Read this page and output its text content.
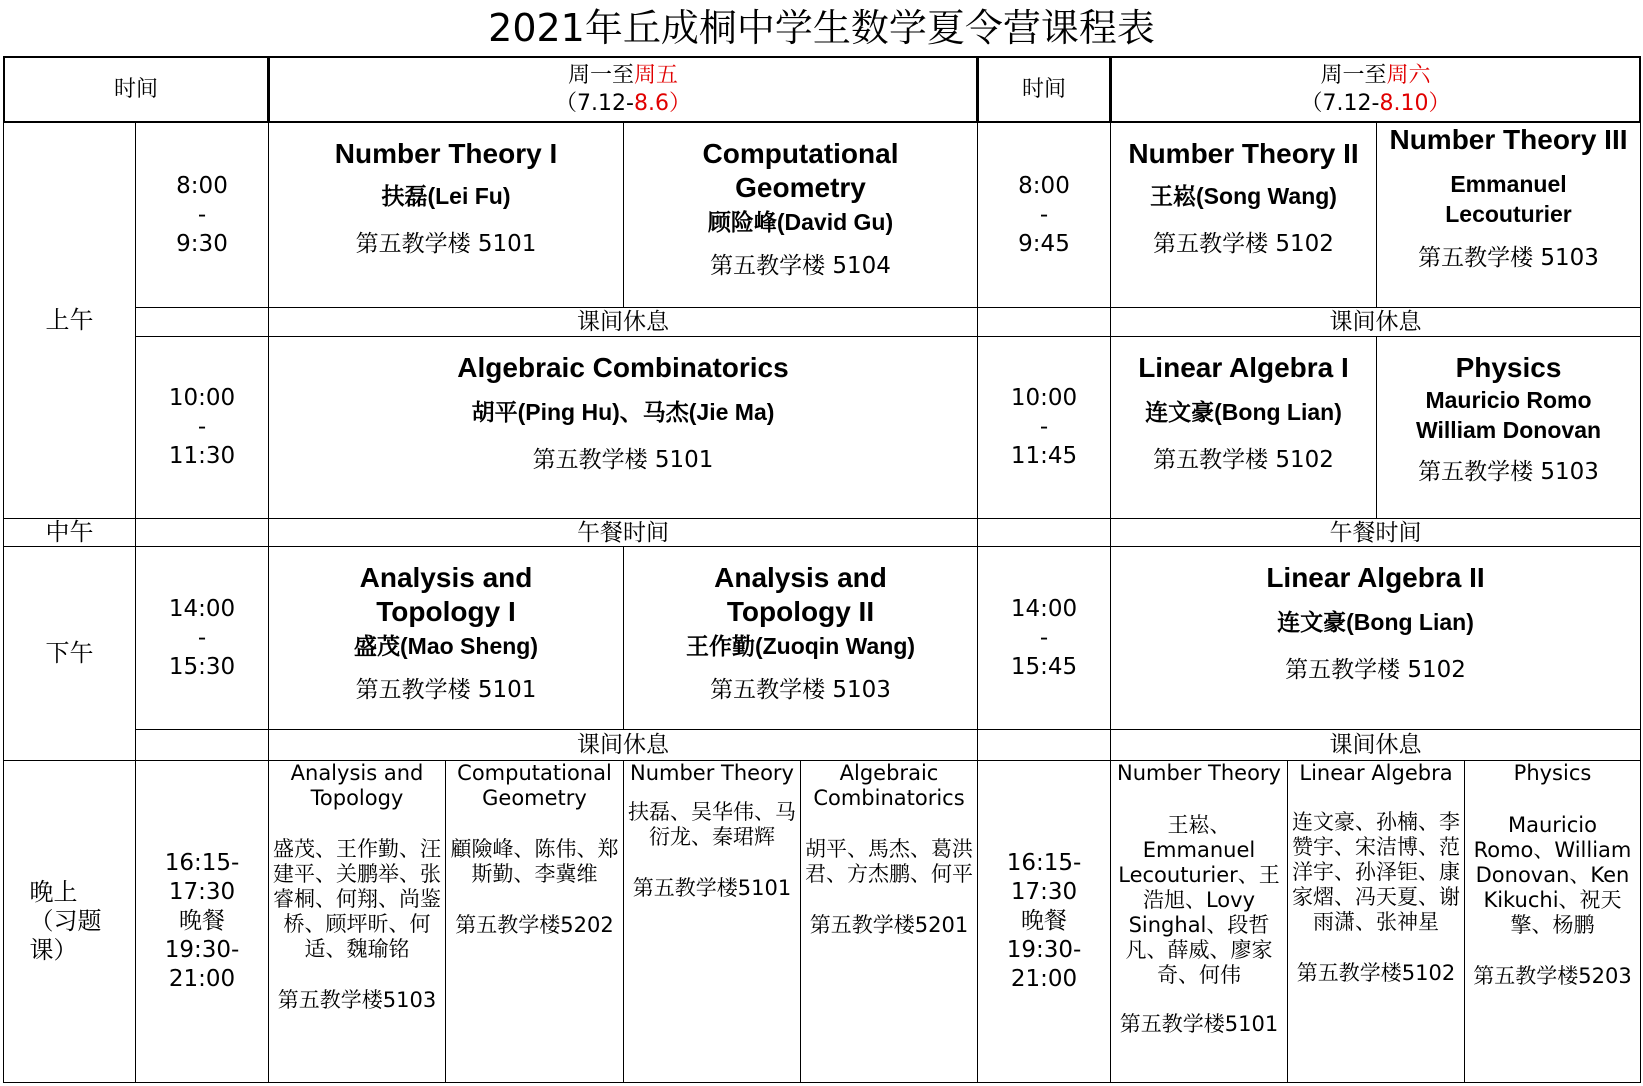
2021年丘成桐中学生数学夏令营课程表
时间
周一至周五
（7.12-8.6）
时间
周一至周六
（7.12-8.10）
上午
中午
下午
晚上（习题课）
8:00
-
9:30
10:00
-
11:30
14:00
-
15:30
16:15-
17:30
晚餐
19:30-
21:00
Number Theory I
扶磊(Lei Fu)
第五教学楼 5101
Computational Geometry
顾险峰(David Gu)
第五教学楼 5104
课间休息
Algebraic Combinatorics
胡平(Ping Hu)、马杰(Jie Ma)
第五教学楼 5101
午餐时间
Analysis and Topology I
盛茂(Mao Sheng)
第五教学楼 5101
Analysis and Topology II
王作勤(Zuoqin Wang)
第五教学楼 5103
课间休息
Analysis and Topology
盛茂、王作勤、汪建平、关鹏举、张睿桐、何翔、尚鉴桥、顾坪昕、何适、魏瑜铭
第五教学楼5103
Computational Geometry
顧險峰、陈伟、郑斯勤、李冀维
第五教学楼5202
Number Theory
扶磊、吴华伟、马衍龙、秦珺辉
第五教学楼5101
Algebraic Combinatorics
胡平、馬杰、葛洪君、方杰鹏、何平
第五教学楼5201
8:00
-
9:45
10:00
-
11:45
14:00
-
15:45
16:15-
17:30
晚餐
19:30-
21:00
Number Theory II
王崧(Song Wang)
第五教学楼 5102
Number Theory III
Emmanuel Lecouturier
第五教学楼 5103
课间休息
Linear Algebra I
连文豪(Bong Lian)
第五教学楼 5102
Physics
Mauricio Romo William Donovan
第五教学楼 5103
午餐时间
Linear Algebra II
连文豪(Bong Lian)
第五教学楼 5102
课间休息
Number Theory
王崧、Emmanuel Lecouturier、王浩旭、Lovy Singhal、段哲凡、薛威、廖家奇、何伟
第五教学楼5101
Linear Algebra
连文豪、孙楠、李赞宇、宋洁博、范洋宇、孙泽钜、康家熠、冯天夏、谢雨潇、张神星
第五教学楼5102
Physics
Mauricio Romo、William Donovan、Ken Kikuchi、祝天擎、杨鹏
第五教学楼5203
